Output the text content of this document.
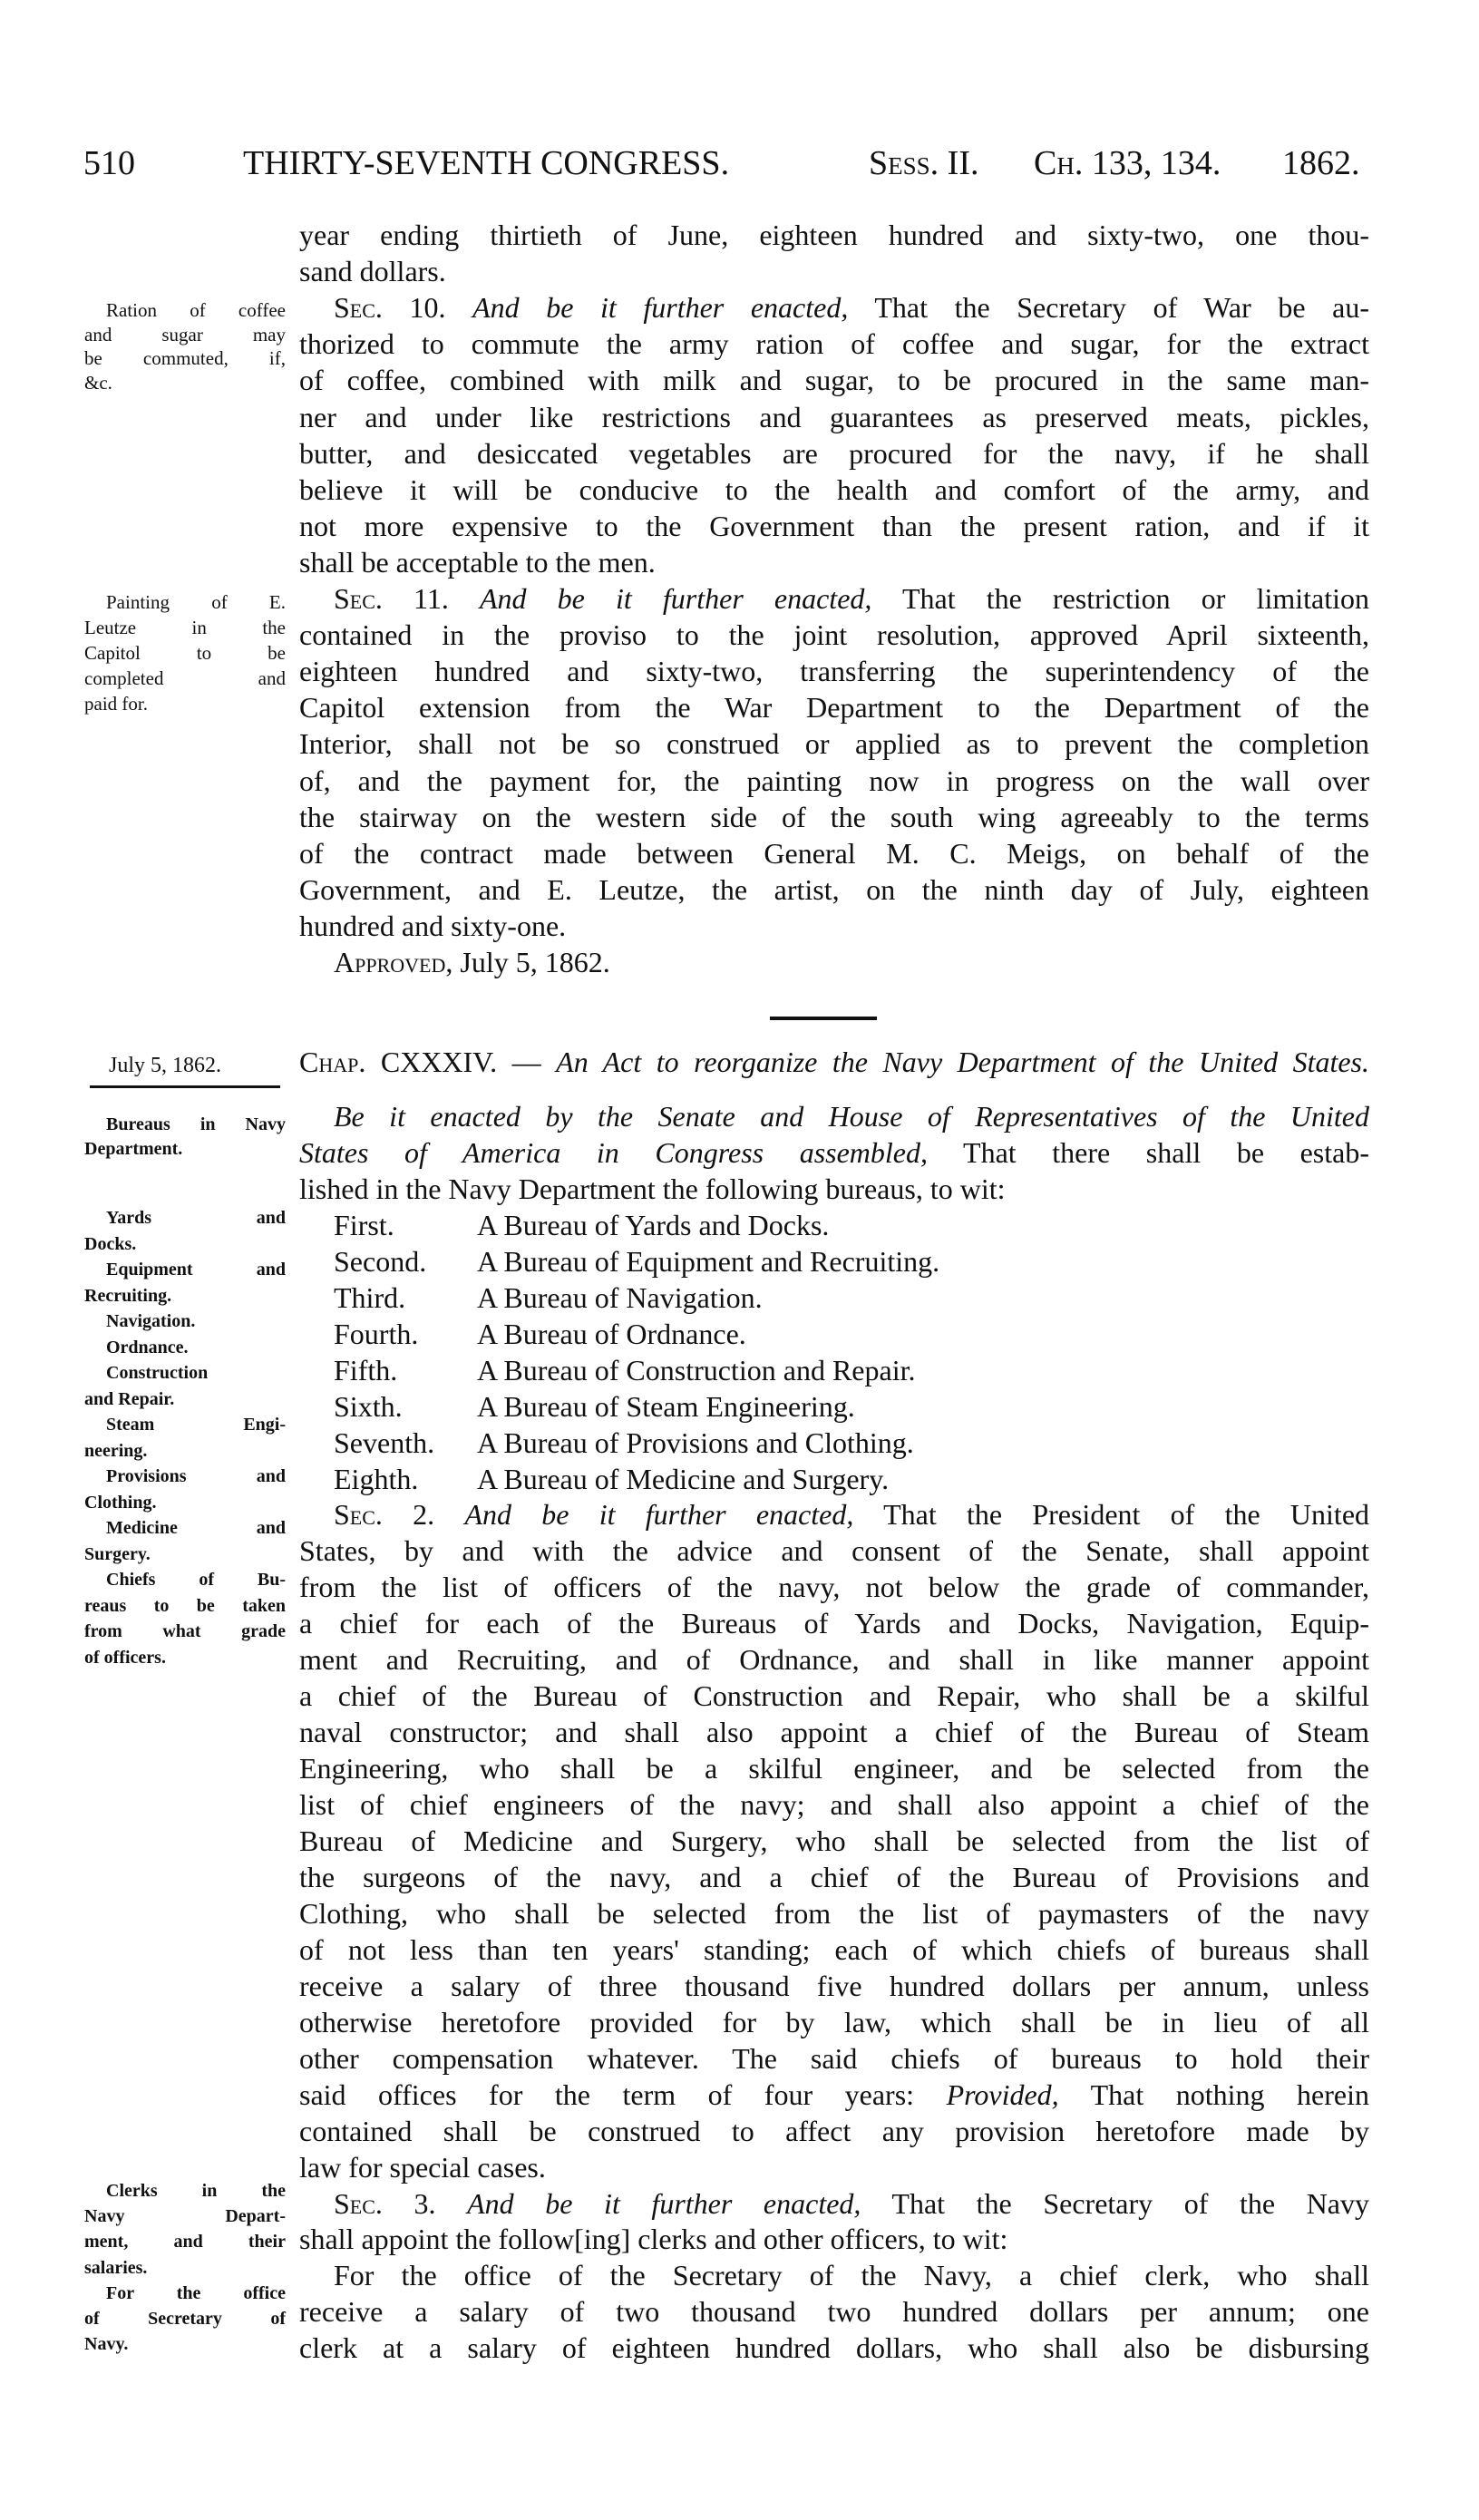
510	THIRTY-SEVENTH CONGRESS.	Sess. II. Ch. 133, 134. 1862.
year ending thirtieth of June, eighteen hundred and sixty-two, one thou-
sand dollars.
Sec. 10. And be it further enacted, That the Secretary of War be au-
thorized to commute the army ration of coffee and sugar, for the extract
of coffee, combined with milk and sugar, to be procured in the same man-
ner and under like restrictions and guarantees as preserved meats, pickles,
butter, and desiccated vegetables are procured for the navy, if he shall
believe it will be conducive to the health and comfort of the army, and
not more expensive to the Government than the present ration, and if it
shall be acceptable to the men.
Sec. 11. And be it further enacted, That the restriction or limitation
contained in the proviso to the joint resolution, approved April sixteenth,
eighteen hundred and sixty-two, transferring the superintendency of the
Capitol extension from the War Department to the Department of the
Interior, shall not be so construed or applied as to prevent the completion
of, and the payment for, the painting now in progress on the wall over
the stairway on the western side of the south wing agreeably to the terms
of the contract made between General M. C. Meigs, on behalf of the
Government, and E. Leutze, the artist, on the ninth day of July, eighteen
hundred and sixty-one.
Approved, July 5, 1862.
Chap. CXXXIV. — An Act to reorganize the Navy Department of the United States.
Be it enacted by the Senate and House of Representatives of the United
States of America in Congress assembled, That there shall be estab-
lished in the Navy Department the following bureaus, to wit:
First.	A Bureau of Yards and Docks.
Second. A Bureau of Equipment and Recruiting.
Third. A Bureau of Navigation.
Fourth. A Bureau of Ordnance.
Fifth.	A Bureau of Construction and Repair.
Sixth.	A Bureau of Steam Engineering.
Seventh. A Bureau of Provisions and Clothing.
Eighth. A Bureau of Medicine and Surgery.
Sec. 2. And be it further enacted, That the President of the United
States, by and with the advice and consent of the Senate, shall appoint
from the list of officers of the navy, not below the grade of commander,
a chief for each of the Bureaus of Yards and Docks, Navigation, Equip-
ment and Recruiting, and of Ordnance, and shall in like manner appoint
a chief of the Bureau of Construction and Repair, who shall be a skilful
naval constructor; and shall also appoint a chief of the Bureau of Steam
Engineering, who shall be a skilful engineer, and be selected from the
list of chief engineers of the navy; and shall also appoint a chief of the
Bureau of Medicine and Surgery, who shall be selected from the list of
the surgeons of the navy, and a chief of the Bureau of Provisions and
Clothing, who shall be selected from the list of paymasters of the navy
of not less than ten years' standing; each of which chiefs of bureaus shall
receive a salary of three thousand five hundred dollars per annum, unless
otherwise heretofore provided for by law, which shall be in lieu of all
other compensation whatever. The said chiefs of bureaus to hold their
said offices for the term of four years: Provided, That nothing herein
contained shall be construed to affect any provision heretofore made by
law for special cases.
Sec. 3. And be it further enacted, That the Secretary of the Navy
shall appoint the follow[ing] clerks and other officers, to wit:
For the office of the Secretary of the Navy, a chief clerk, who shall
receive a salary of two thousand two hundred dollars per annum; one
clerk at a salary of eighteen hundred dollars, who shall also be disbursing
Ration of coffee
and sugar may
be commuted, if,
&c.
Painting of E.
Leutze in the
Capitol to be
completed and
paid for.
July 5, 1862.
Bureaus in Navy
Department.
Yards and
Docks.
Equipment and
Recruiting.
Navigation.
Ordnance.
Construction
and Repair.
Steam Engi-
neering.
Provisions and
Clothing.
Medicine and
Surgery.
Chiefs of Bu-
reaus to be taken
from what grade
of officers.
Clerks in the
Navy Depart-
ment, and their
salaries.
For the office
of Secretary of
Navy.
